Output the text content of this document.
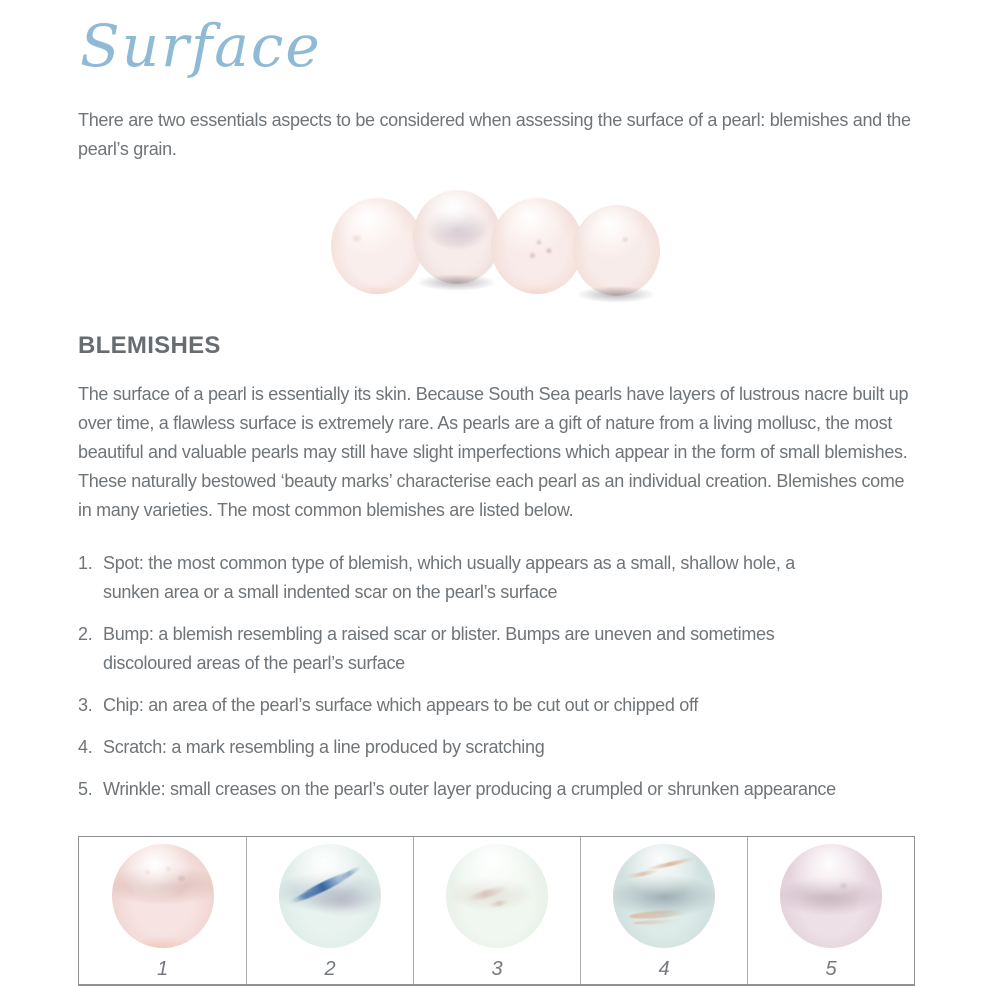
Surface

There are two essentials aspects to be considered when assessing the surface of a pearl: blemishes and the pearl’s grain.

BLEMISHES

The surface of a pearl is essentially its skin. Because South Sea pearls have layers of lustrous nacre built up over time, a flawless surface is extremely rare. As pearls are a gift of nature from a living mollusc, the most beautiful and valuable pearls may still have slight imperfections which appear in the form of small blemishes. These naturally bestowed ‘beauty marks’ characterise each pearl as an individual creation. Blemishes come in many varieties. The most common blemishes are listed below.

1. Spot: the most common type of blemish, which usually appears as a small, shallow hole, a sunken area or a small indented scar on the pearl’s surface
2. Bump: a blemish resembling a raised scar or blister. Bumps are uneven and sometimes discoloured areas of the pearl’s surface
3. Chip: an area of the pearl’s surface which appears to be cut out or chipped off
4. Scratch: a mark resembling a line produced by scratching
5. Wrinkle: small creases on the pearl’s outer layer producing a crumpled or shrunken appearance
1	2	3	4	5
